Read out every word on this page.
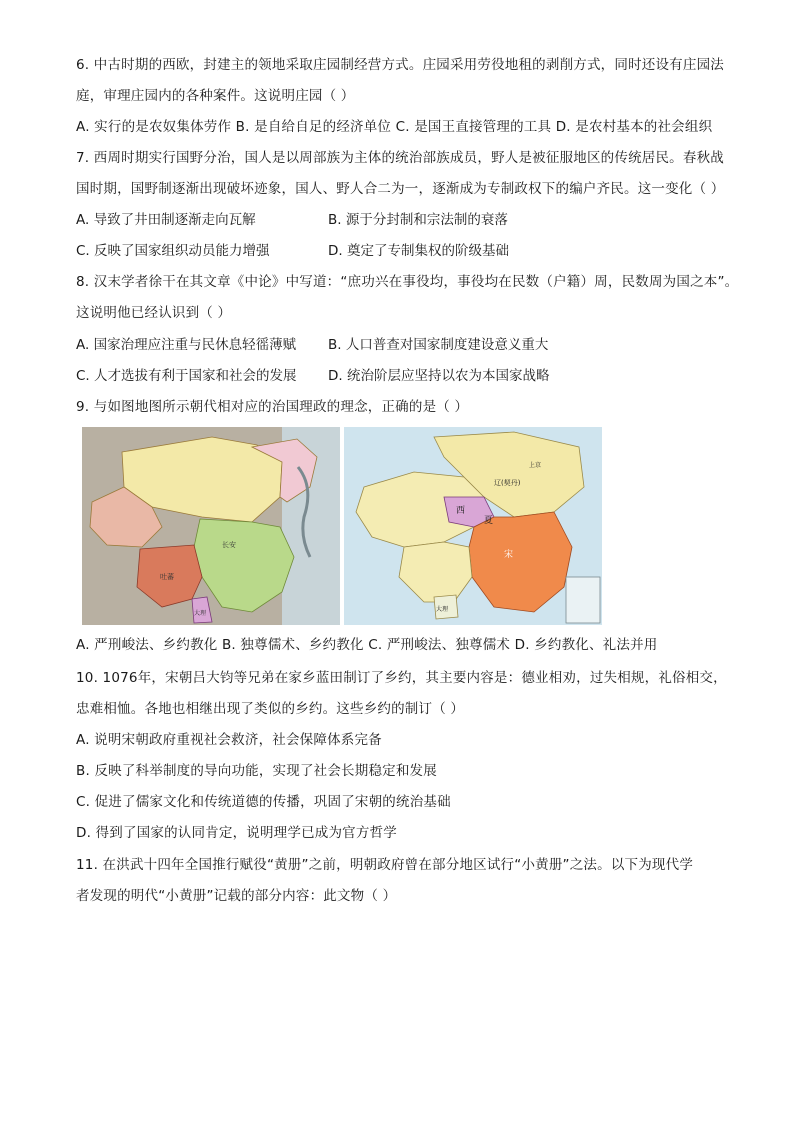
6. 中古时期的西欧，封建主的领地采取庄园制经营方式。庄园采用劳役地租的剥削方式，同时还设有庄园法
庭，审理庄园内的各种案件。这说明庄园（ ）
A. 实行的是农奴集体劳作 B. 是自给自足的经济单位 C. 是国王直接管理的工具 D. 是农村基本的社会组织
7. 西周时期实行国野分治，国人是以周部族为主体的统治部族成员，野人是被征服地区的传统居民。春秋战
国时期，国野制逐渐出现破坏迹象，国人、野人合二为一，逐渐成为专制政权下的编户齐民。这一变化（ ）
A. 导致了井田制逐渐走向瓦解	B. 源于分封制和宗法制的衰落
C. 反映了国家组织动员能力增强	D. 奠定了专制集权的阶级基础
8. 汉末学者徐干在其文章《中论》中写道：“庶功兴在事役均，事役均在民数（户籍）周，民数周为国之本”。
这说明他已经认识到（ ）
A. 国家治理应注重与民休息轻徭薄赋 B. 人口普查对国家制度建设意义重大
C. 人才选拔有利于国家和社会的发展 D. 统治阶层应坚持以农为本国家战略
9. 与如图地图所示朝代相对应的治国理政的理念，正确的是（ ）
长安
吐蕃
大理
辽(契丹)
西
夏
宋
上京
大理
A. 严刑峻法、乡约教化 B. 独尊儒术、乡约教化 C. 严刑峻法、独尊儒术 D. 乡约教化、礼法并用
10. 1076年，宋朝吕大钧等兄弟在家乡蓝田制订了乡约，其主要内容是：德业相劝，过失相规，礼俗相交，
忠难相恤。各地也相继出现了类似的乡约。这些乡约的制订（ ）
A. 说明宋朝政府重视社会救济，社会保障体系完备
B. 反映了科举制度的导向功能，实现了社会长期稳定和发展
C. 促进了儒家文化和传统道德的传播，巩固了宋朝的统治基础
D. 得到了国家的认同肯定，说明理学已成为官方哲学
11. 在洪武十四年全国推行赋役“黄册”之前，明朝政府曾在部分地区试行“小黄册”之法。以下为现代学
者发现的明代“小黄册”记载的部分内容：此文物（ ）
